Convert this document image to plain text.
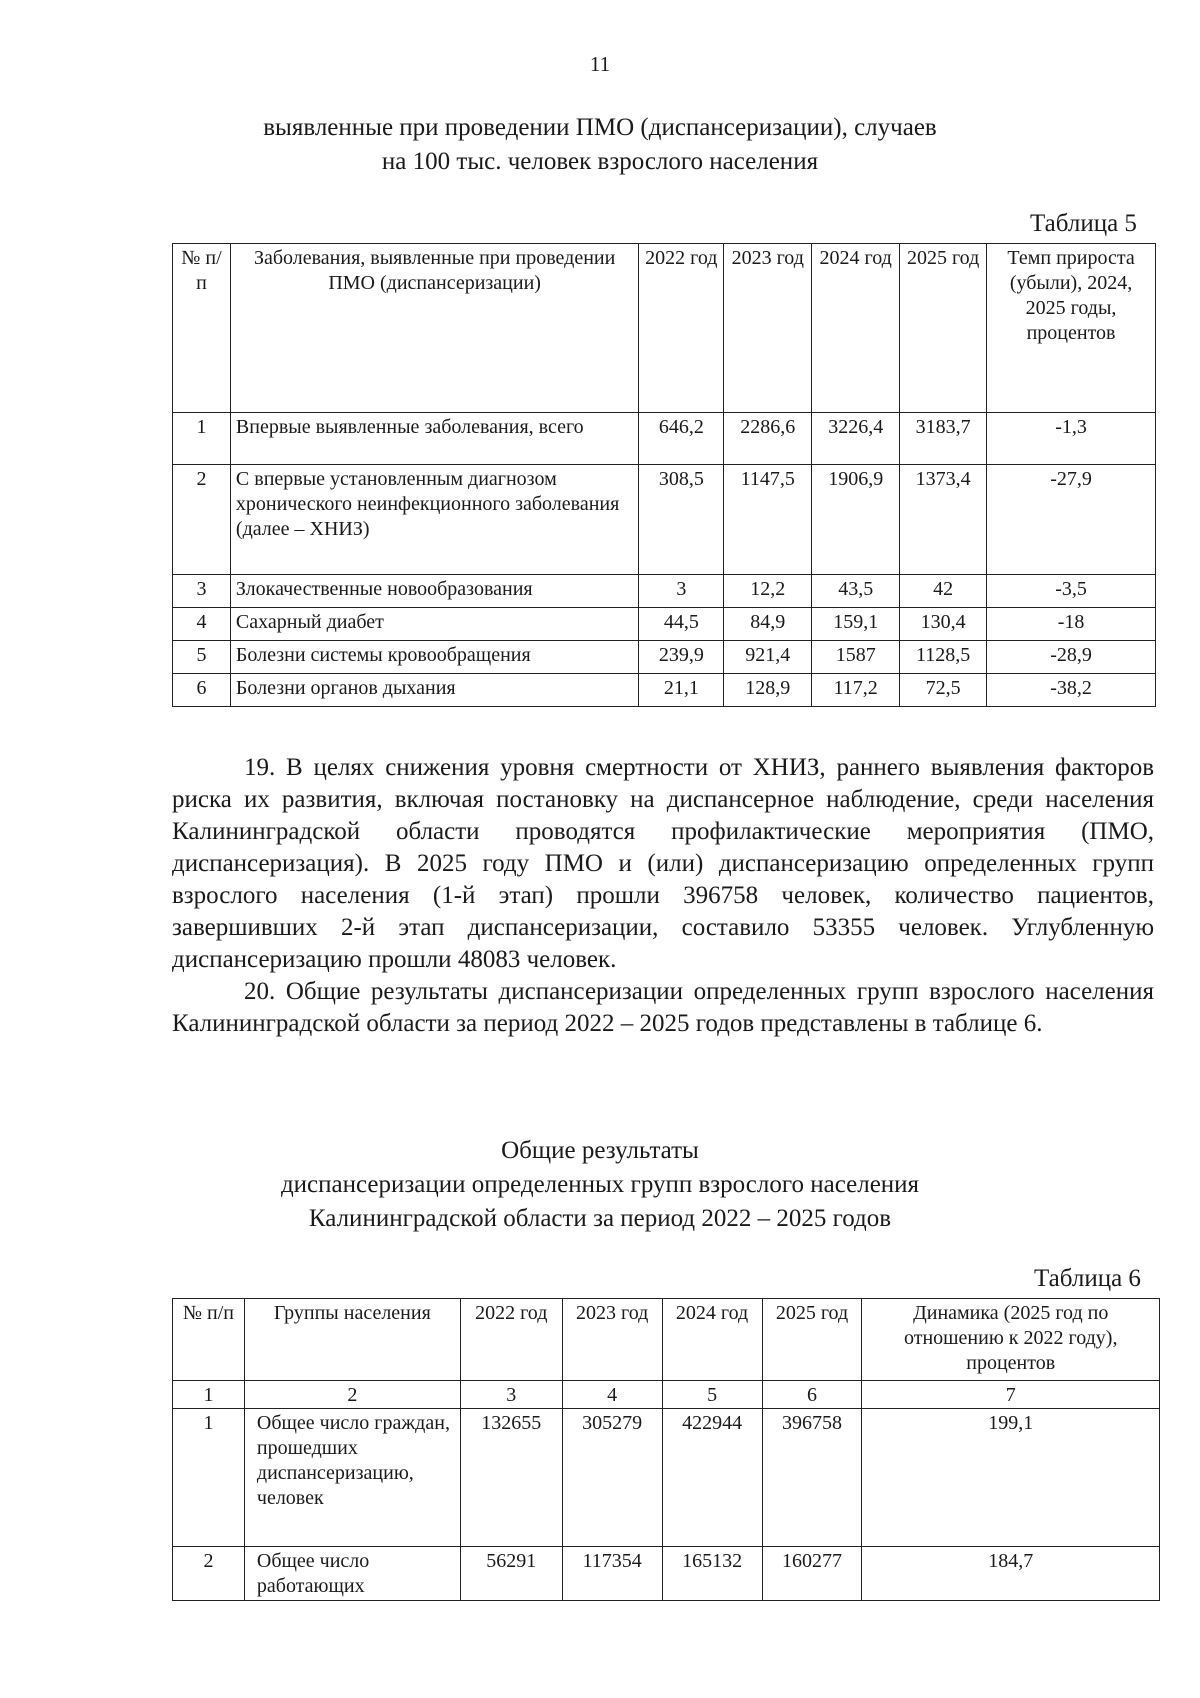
11
выявленные при проведении ПМО (диспансеризации), случаев
на 100 тыс. человек взрослого населения
Таблица 5
№ п/п	Заболевания, выявленные при проведении ПМО (диспансеризации)	2022 год	2023 год	2024 год	2025 год	Темп прироста (убыли), 2024, 2025 годы, процентов
1	Впервые выявленные заболевания, всего	646,2	2286,6	3226,4	3183,7	-1,3
2	С впервые установленным диагнозом хронического неинфекционного заболевания (далее – ХНИЗ)	308,5	1147,5	1906,9	1373,4	-27,9
3	Злокачественные новообразования	3	12,2	43,5	42	-3,5
4	Сахарный диабет	44,5	84,9	159,1	130,4	-18
5	Болезни системы кровообращения	239,9	921,4	1587	1128,5	-28,9
6	Болезни органов дыхания	21,1	128,9	117,2	72,5	-38,2

19. В целях снижения уровня смертности от ХНИЗ, раннего выявления факторов риска их развития, включая постановку на диспансерное наблюдение, среди населения Калининградской области проводятся профилактические мероприятия (ПМО, диспансеризация). В 2025 году ПМО и (или) диспансеризацию определенных групп взрослого населения (1-й этап) прошли 396758 человек, количество пациентов, завершивших 2-й этап диспансеризации, составило 53355 человек. Углубленную диспансеризацию прошли 48083 человек.

20. Общие результаты диспансеризации определенных групп взрослого населения Калининградской области за период 2022 – 2025 годов представлены в таблице 6.

Общие результаты
диспансеризации определенных групп взрослого населения
Калининградской области за период 2022 – 2025 годов
Таблица 6
№ п/п	Группы населения	2022 год	2023 год	2024 год	2025 год	Динамика (2025 год по отношению к 2022 году), процентов
1	2	3	4	5	6	7
1	Общее число граждан, прошедших диспансеризацию, человек	132655	305279	422944	396758	199,1
2	Общее число работающих	56291	117354	165132	160277	184,7
